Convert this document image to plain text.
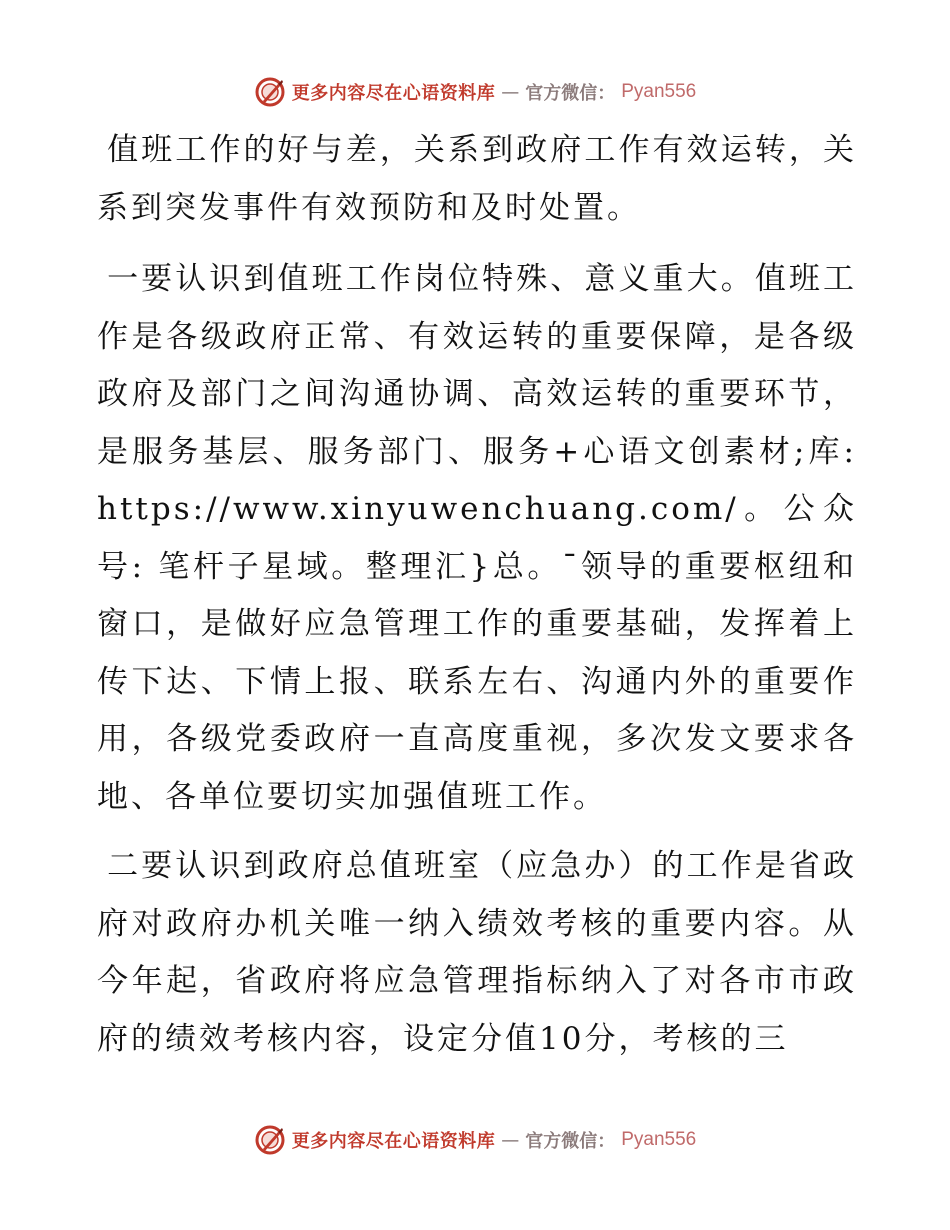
更多内容尽在心语资料库 — 官方微信： Pyan556

值班工作的好与差，关系到政府工作有效运转，关系到突发事件有效预防和及时处置。

一要认识到值班工作岗位特殊、意义重大。值班工作是各级政府正常、有效运转的重要保障，是各级政府及部门之间沟通协调、高效运转的重要环节，是服务基层、服务部门、服务+心语文创素材;库: https://www.xinyuwenchuang.com/。公众号: 笔杆子星域。整理汇}总。¯领导的重要枢纽和窗口，是做好应急管理工作的重要基础，发挥着上传下达、下情上报、联系左右、沟通内外的重要作用，各级党委政府一直高度重视，多次发文要求各地、各单位要切实加强值班工作。

二要认识到政府总值班室（应急办）的工作是省政府对政府办机关唯一纳入绩效考核的重要内容。从今年起，省政府将应急管理指标纳入了对各市市政府的绩效考核内容，设定分值10分，考核的三

更多内容尽在心语资料库 — 官方微信： Pyan556
